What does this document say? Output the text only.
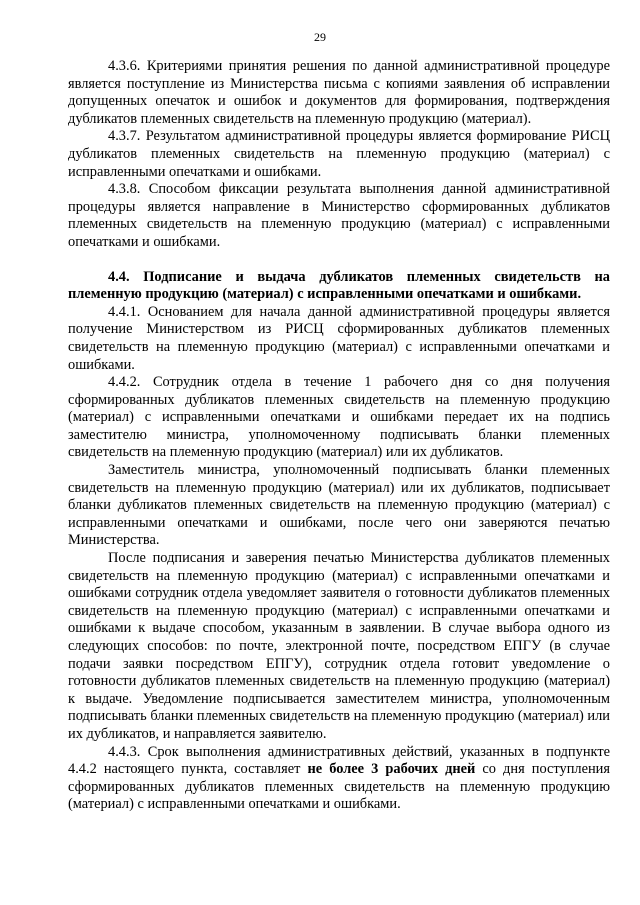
29

4.3.6. Критериями принятия решения по данной административной процедуре является поступление из Министерства письма с копиями заявления об исправлении допущенных опечаток и ошибок и документов для формирования, подтверждения дубликатов племенных свидетельств на племенную продукцию (материал).

4.3.7. Результатом административной процедуры является формирование РИСЦ дубликатов племенных свидетельств на племенную продукцию (материал) с исправленными опечатками и ошибками.

4.3.8. Способом фиксации результата выполнения данной административной процедуры является направление в Министерство сформированных дубликатов племенных свидетельств на племенную продукцию (материал) с исправленными опечатками и ошибками.

4.4. Подписание и выдача дубликатов племенных свидетельств на племенную продукцию (материал) с исправленными опечатками и ошибками.

4.4.1. Основанием для начала данной административной процедуры является получение Министерством из РИСЦ сформированных дубликатов племенных свидетельств на племенную продукцию (материал) с исправленными опечатками и ошибками.

4.4.2. Сотрудник отдела в течение 1 рабочего дня со дня получения сформированных дубликатов племенных свидетельств на племенную продукцию (материал) с исправленными опечатками и ошибками передает их на подпись заместителю министра, уполномоченному подписывать бланки племенных свидетельств на племенную продукцию (материал) или их дубликатов.

Заместитель министра, уполномоченный подписывать бланки племенных свидетельств на племенную продукцию (материал) или их дубликатов, подписывает бланки дубликатов племенных свидетельств на племенную продукцию (материал) с исправленными опечатками и ошибками, после чего они заверяются печатью Министерства.

После подписания и заверения печатью Министерства дубликатов племенных свидетельств на племенную продукцию (материал) с исправленными опечатками и ошибками сотрудник отдела уведомляет заявителя о готовности дубликатов племенных свидетельств на племенную продукцию (материал) с исправленными опечатками и ошибками к выдаче способом, указанным в заявлении. В случае выбора одного из следующих способов: по почте, электронной почте, посредством ЕПГУ (в случае подачи заявки посредством ЕПГУ), сотрудник отдела готовит уведомление о готовности дубликатов племенных свидетельств на племенную продукцию (материал) к выдаче. Уведомление подписывается заместителем министра, уполномоченным подписывать бланки племенных свидетельств на племенную продукцию (материал) или их дубликатов, и направляется заявителю.

4.4.3. Срок выполнения административных действий, указанных в подпункте 4.4.2 настоящего пункта, составляет не более 3 рабочих дней со дня поступления сформированных дубликатов племенных свидетельств на племенную продукцию (материал) с исправленными опечатками и ошибками.
